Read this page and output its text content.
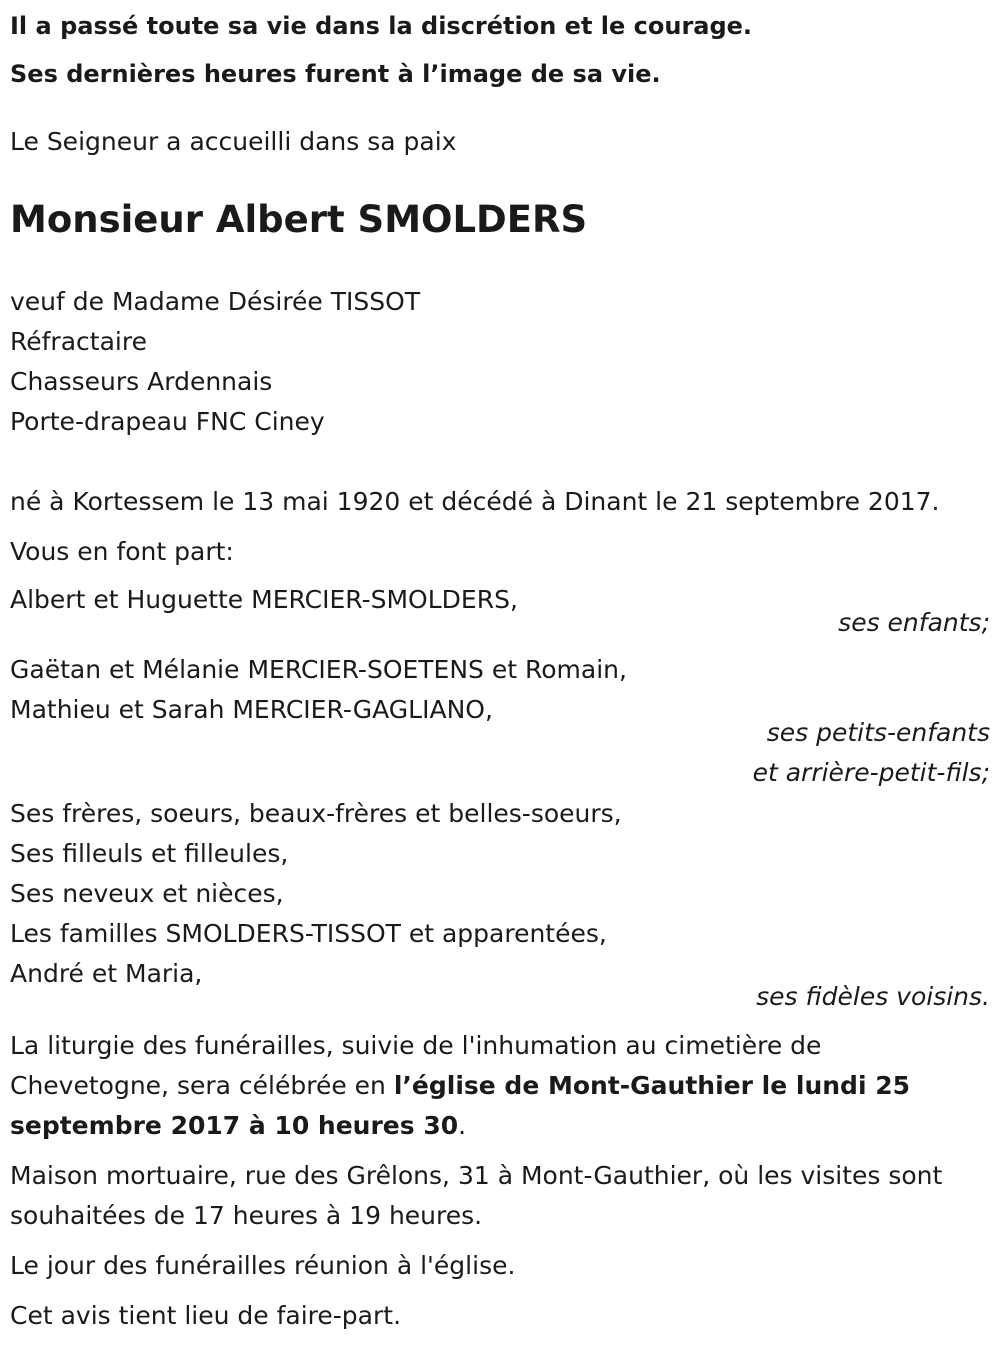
Il a passé toute sa vie dans la discrétion et le courage.
Ses dernières heures furent à l’image de sa vie.
Le Seigneur a accueilli dans sa paix
Monsieur Albert SMOLDERS
veuf de Madame Désirée TISSOT
Réfractaire
Chasseurs Ardennais
Porte-drapeau FNC Ciney
né à Kortessem le 13 mai 1920 et décédé à Dinant le 21 septembre 2017.
Vous en font part:
Albert et Huguette MERCIER-SMOLDERS,
ses enfants;
Gaëtan et Mélanie MERCIER-SOETENS et Romain,
Mathieu et Sarah MERCIER-GAGLIANO,
ses petits-enfants
et arrière-petit-fils;
Ses frères, soeurs, beaux-frères et belles-soeurs,
Ses filleuls et filleules,
Ses neveux et nièces,
Les familles SMOLDERS-TISSOT et apparentées,
André et Maria,
ses fidèles voisins.
La liturgie des funérailles, suivie de l'inhumation au cimetière de Chevetogne, sera célébrée en l’église de Mont-Gauthier le lundi 25 septembre 2017 à 10 heures 30.
Maison mortuaire, rue des Grêlons, 31 à Mont-Gauthier, où les visites sont souhaitées de 17 heures à 19 heures.
Le jour des funérailles réunion à l'église.
Cet avis tient lieu de faire-part.
